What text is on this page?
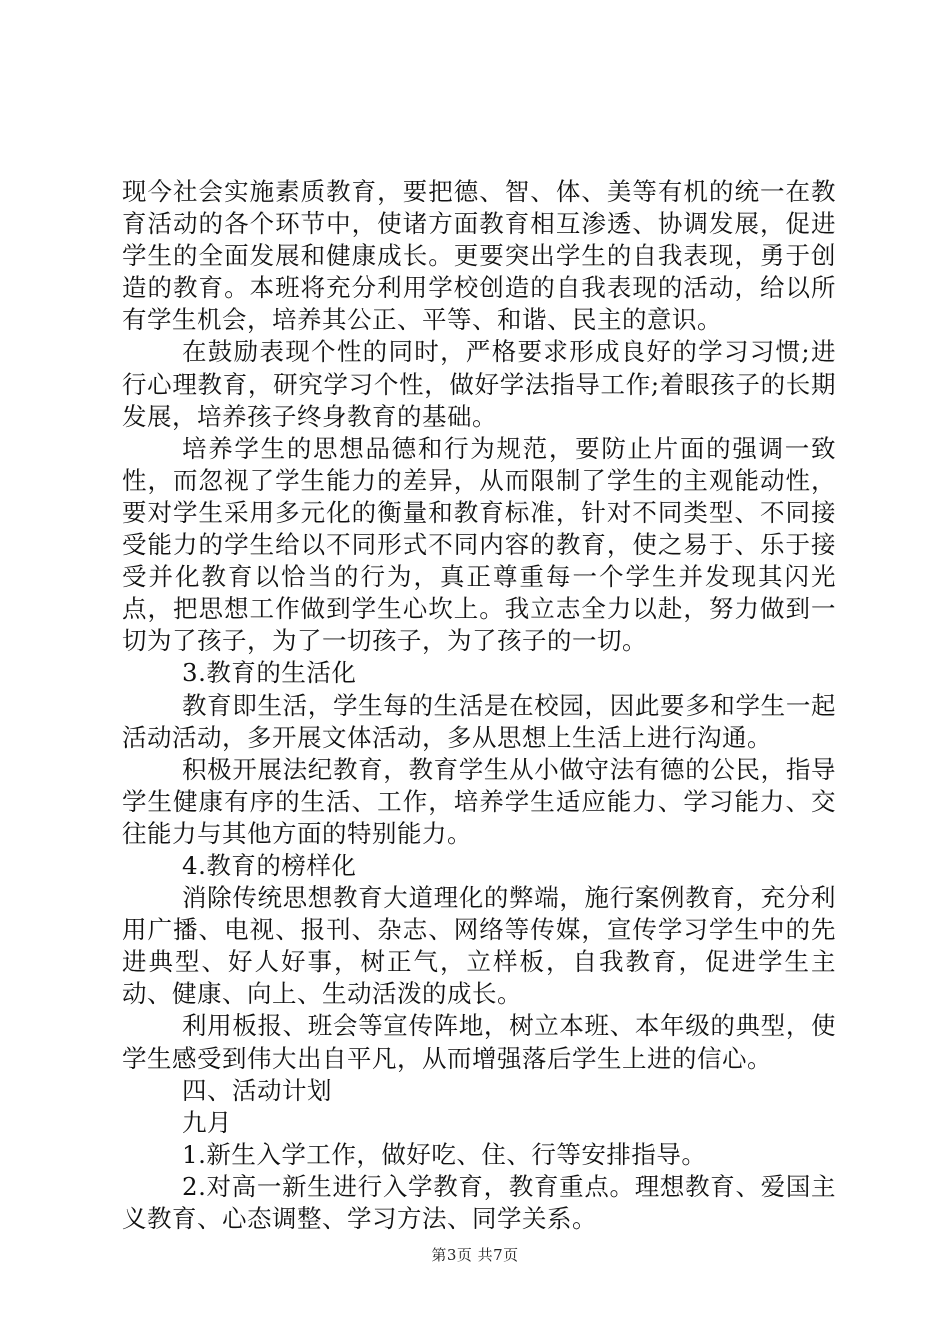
现今社会实施素质教育，要把德、智、体、美等有机的统一在教育活动的各个环节中，使诸方面教育相互渗透、协调发展，促进学生的全面发展和健康成长。更要突出学生的自我表现，勇于创造的教育。本班将充分利用学校创造的自我表现的活动，给以所有学生机会，培养其公正、平等、和谐、民主的意识。

在鼓励表现个性的同时，严格要求形成良好的学习习惯;进行心理教育，研究学习个性，做好学法指导工作;着眼孩子的长期发展，培养孩子终身教育的基础。

培养学生的思想品德和行为规范，要防止片面的强调一致性，而忽视了学生能力的差异，从而限制了学生的主观能动性，要对学生采用多元化的衡量和教育标准，针对不同类型、不同接受能力的学生给以不同形式不同内容的教育，使之易于、乐于接受并化教育以恰当的行为，真正尊重每一个学生并发现其闪光点，把思想工作做到学生心坎上。我立志全力以赴，努力做到一切为了孩子，为了一切孩子，为了孩子的一切。

3.教育的生活化

教育即生活，学生每的生活是在校园，因此要多和学生一起活动活动，多开展文体活动，多从思想上生活上进行沟通。

积极开展法纪教育，教育学生从小做守法有德的公民，指导学生健康有序的生活、工作，培养学生适应能力、学习能力、交往能力与其他方面的特别能力。

4.教育的榜样化

消除传统思想教育大道理化的弊端，施行案例教育，充分利用广播、电视、报刊、杂志、网络等传媒，宣传学习学生中的先进典型、好人好事，树正气，立样板，自我教育，促进学生主动、健康、向上、生动活泼的成长。

利用板报、班会等宣传阵地，树立本班、本年级的典型，使学生感受到伟大出自平凡，从而增强落后学生上进的信心。

四、活动计划

九月

1.新生入学工作，做好吃、住、行等安排指导。

2.对高一新生进行入学教育，教育重点。理想教育、爱国主义教育、心态调整、学习方法、同学关系。

第3页 共7页
